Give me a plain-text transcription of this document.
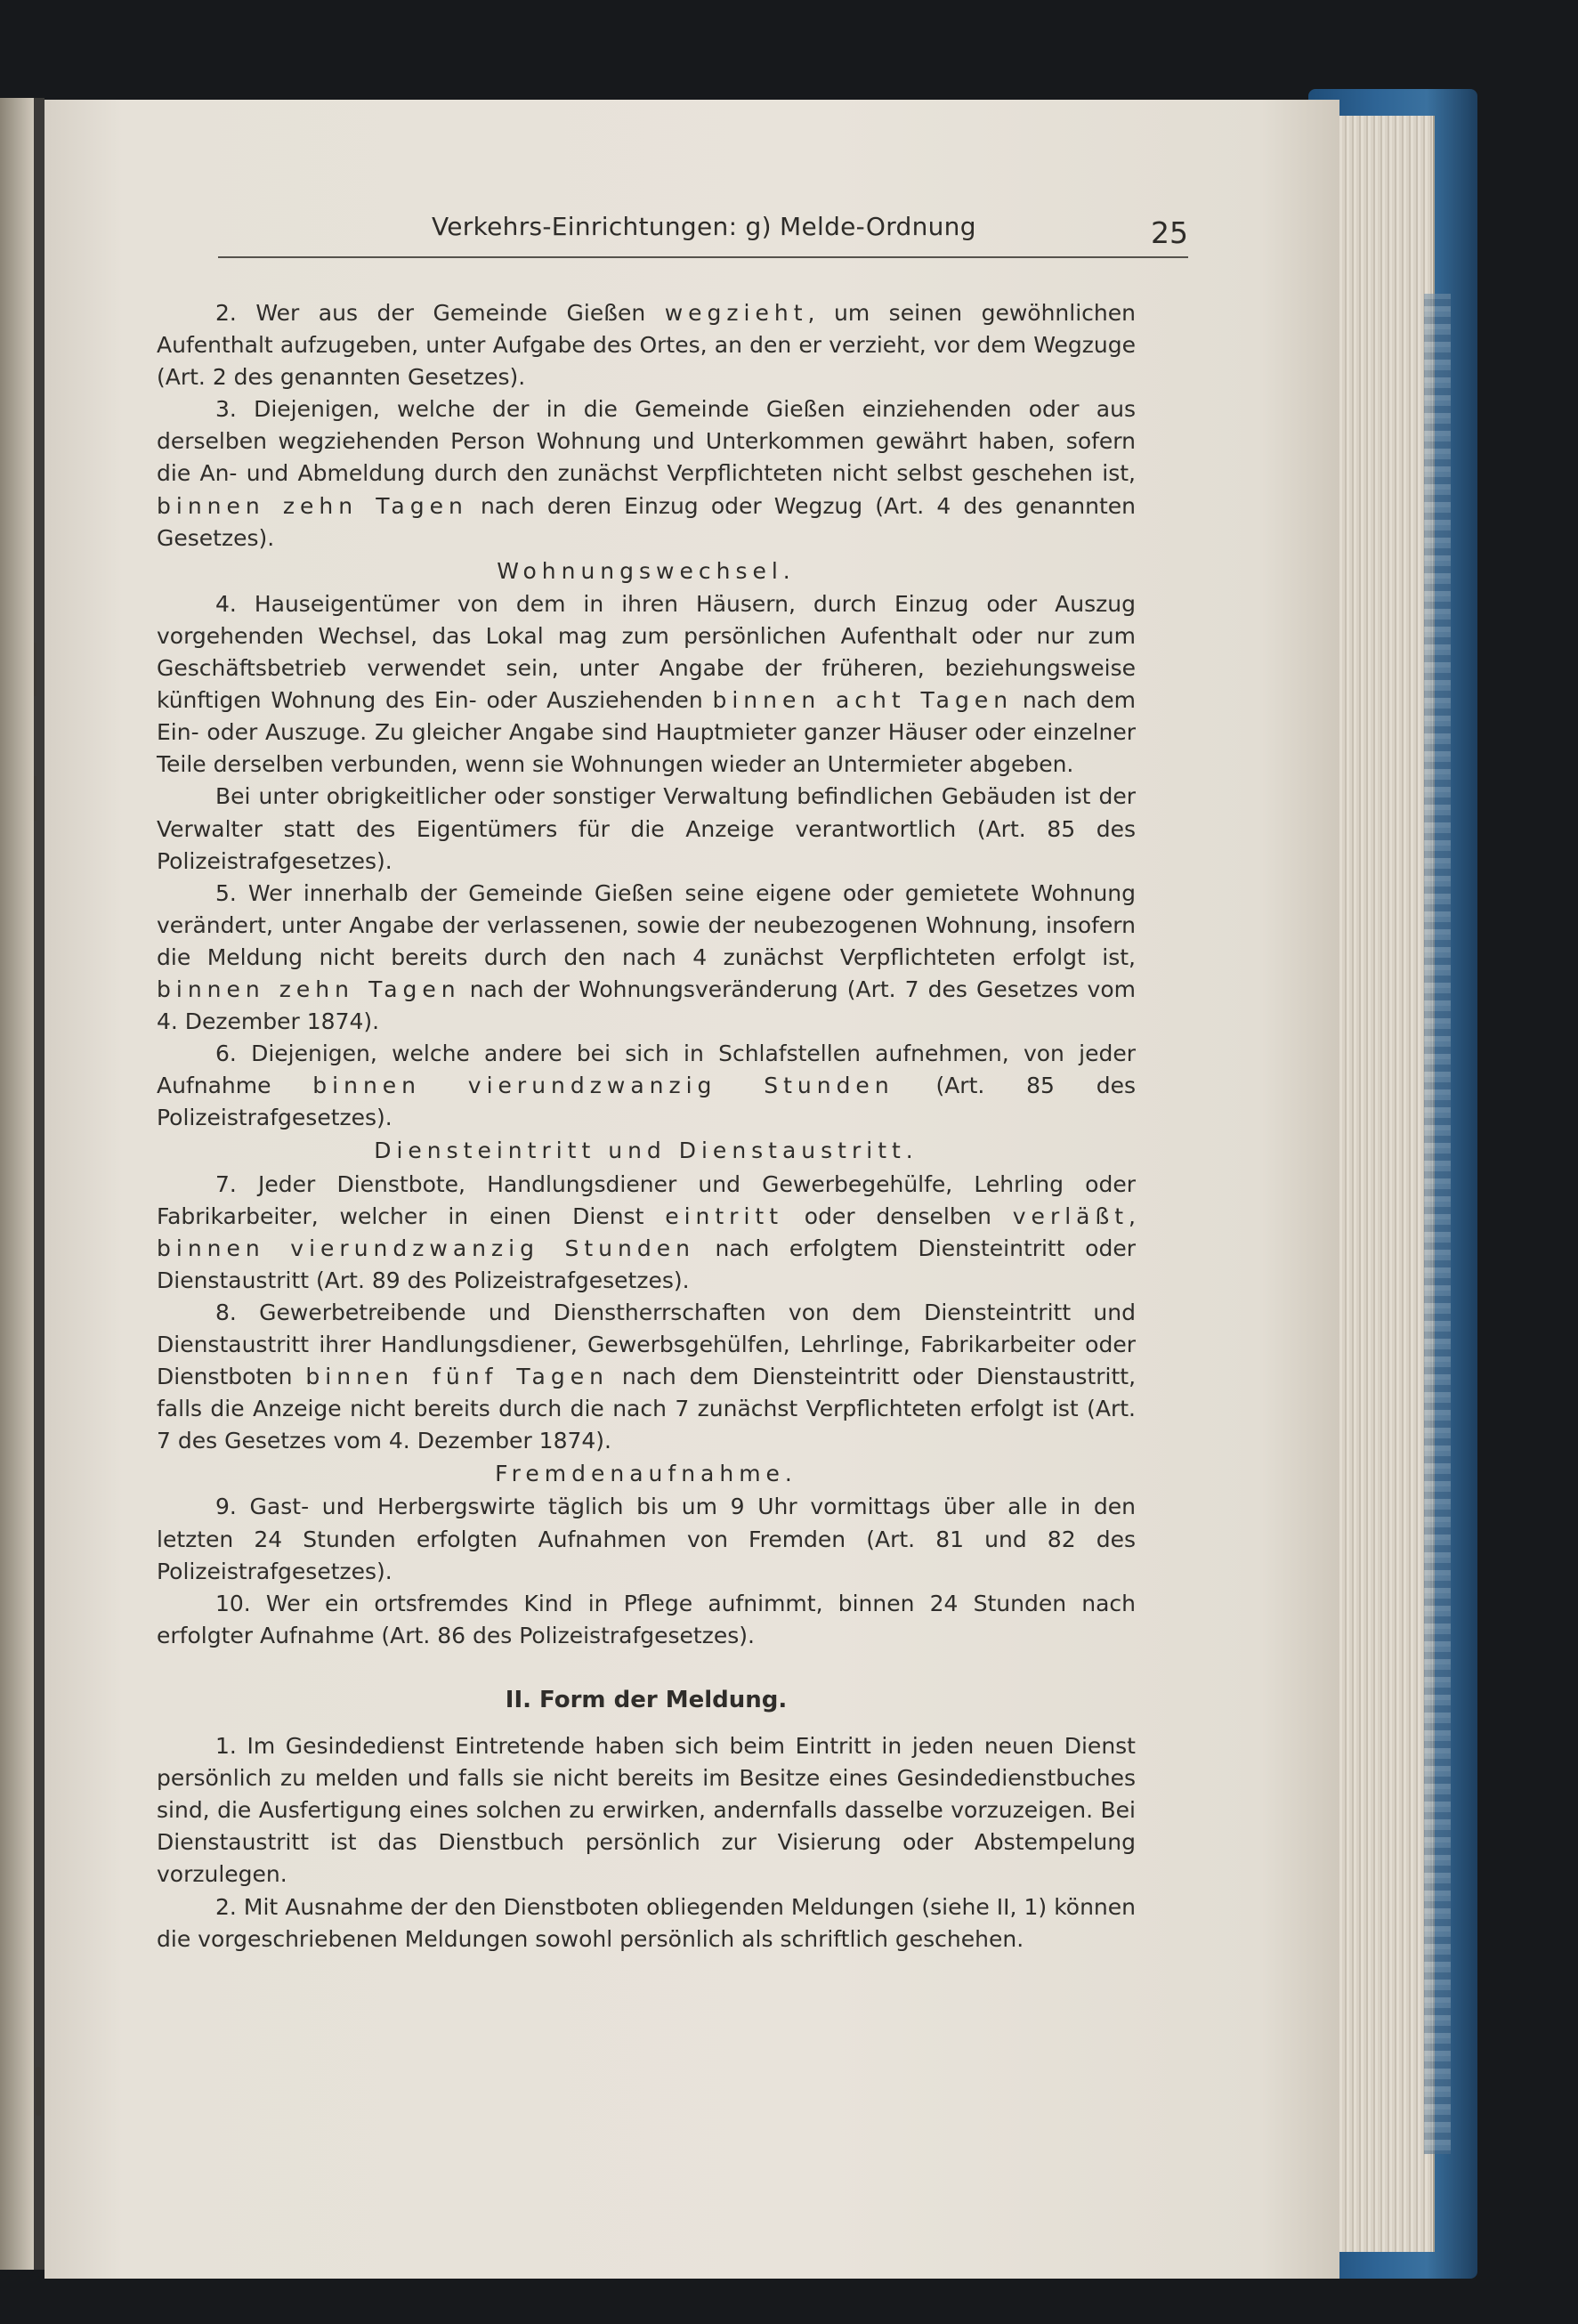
Verkehrs-Einrichtungen: g) Melde-Ordnung	25

2. Wer aus der Gemeinde Gießen wegzieht, um seinen gewöhnlichen Aufenthalt aufzugeben, unter Aufgabe des Ortes, an den er verzieht, vor dem Wegzuge (Art. 2 des genannten Gesetzes).

3. Diejenigen, welche der in die Gemeinde Gießen einziehenden oder aus derselben wegziehenden Person Wohnung und Unterkommen gewährt haben, sofern die An- und Abmeldung durch den zunächst Verpflichteten nicht selbst geschehen ist, binnen zehn Tagen nach deren Einzug oder Wegzug (Art. 4 des genannten Gesetzes).

Wohnungswechsel.

4. Hauseigentümer von dem in ihren Häusern, durch Einzug oder Auszug vorgehenden Wechsel, das Lokal mag zum persönlichen Aufenthalt oder nur zum Geschäftsbetrieb verwendet sein, unter Angabe der früheren, beziehungsweise künftigen Wohnung des Ein- oder Ausziehenden binnen acht Tagen nach dem Ein- oder Auszuge. Zu gleicher Angabe sind Hauptmieter ganzer Häuser oder einzelner Teile derselben verbunden, wenn sie Wohnungen wieder an Untermieter abgeben.

Bei unter obrigkeitlicher oder sonstiger Verwaltung befindlichen Gebäuden ist der Verwalter statt des Eigentümers für die Anzeige verantwortlich (Art. 85 des Polizeistrafgesetzes).

5. Wer innerhalb der Gemeinde Gießen seine eigene oder gemietete Wohnung verändert, unter Angabe der verlassenen, sowie der neubezogenen Wohnung, insofern die Meldung nicht bereits durch den nach 4 zunächst Verpflichteten erfolgt ist, binnen zehn Tagen nach der Wohnungsveränderung (Art. 7 des Gesetzes vom 4. Dezember 1874).

6. Diejenigen, welche andere bei sich in Schlafstellen aufnehmen, von jeder Aufnahme binnen vierundzwanzig Stunden (Art. 85 des Polizeistrafgesetzes).

Diensteintritt und Dienstaustritt.

7. Jeder Dienstbote, Handlungsdiener und Gewerbegehülfe, Lehrling oder Fabrikarbeiter, welcher in einen Dienst eintritt oder denselben verläßt, binnen vierundzwanzig Stunden nach erfolgtem Diensteintritt oder Dienstaustritt (Art. 89 des Polizeistrafgesetzes).

8. Gewerbetreibende und Dienstherrschaften von dem Diensteintritt und Dienstaustritt ihrer Handlungsdiener, Gewerbsgehülfen, Lehrlinge, Fabrikarbeiter oder Dienstboten binnen fünf Tagen nach dem Diensteintritt oder Dienstaustritt, falls die Anzeige nicht bereits durch die nach 7 zunächst Verpflichteten erfolgt ist (Art. 7 des Gesetzes vom 4. Dezember 1874).

Fremdenaufnahme.

9. Gast- und Herbergswirte täglich bis um 9 Uhr vormittags über alle in den letzten 24 Stunden erfolgten Aufnahmen von Fremden (Art. 81 und 82 des Polizeistrafgesetzes).

10. Wer ein ortsfremdes Kind in Pflege aufnimmt, binnen 24 Stunden nach erfolgter Aufnahme (Art. 86 des Polizeistrafgesetzes).

II. Form der Meldung.

1. Im Gesindedienst Eintretende haben sich beim Eintritt in jeden neuen Dienst persönlich zu melden und falls sie nicht bereits im Besitze eines Gesindedienstbuches sind, die Ausfertigung eines solchen zu erwirken, andernfalls dasselbe vorzuzeigen. Bei Dienstaustritt ist das Dienstbuch persönlich zur Visierung oder Abstempelung vorzulegen.

2. Mit Ausnahme der den Dienstboten obliegenden Meldungen (siehe II, 1) können die vorgeschriebenen Meldungen sowohl persönlich als schriftlich geschehen.
